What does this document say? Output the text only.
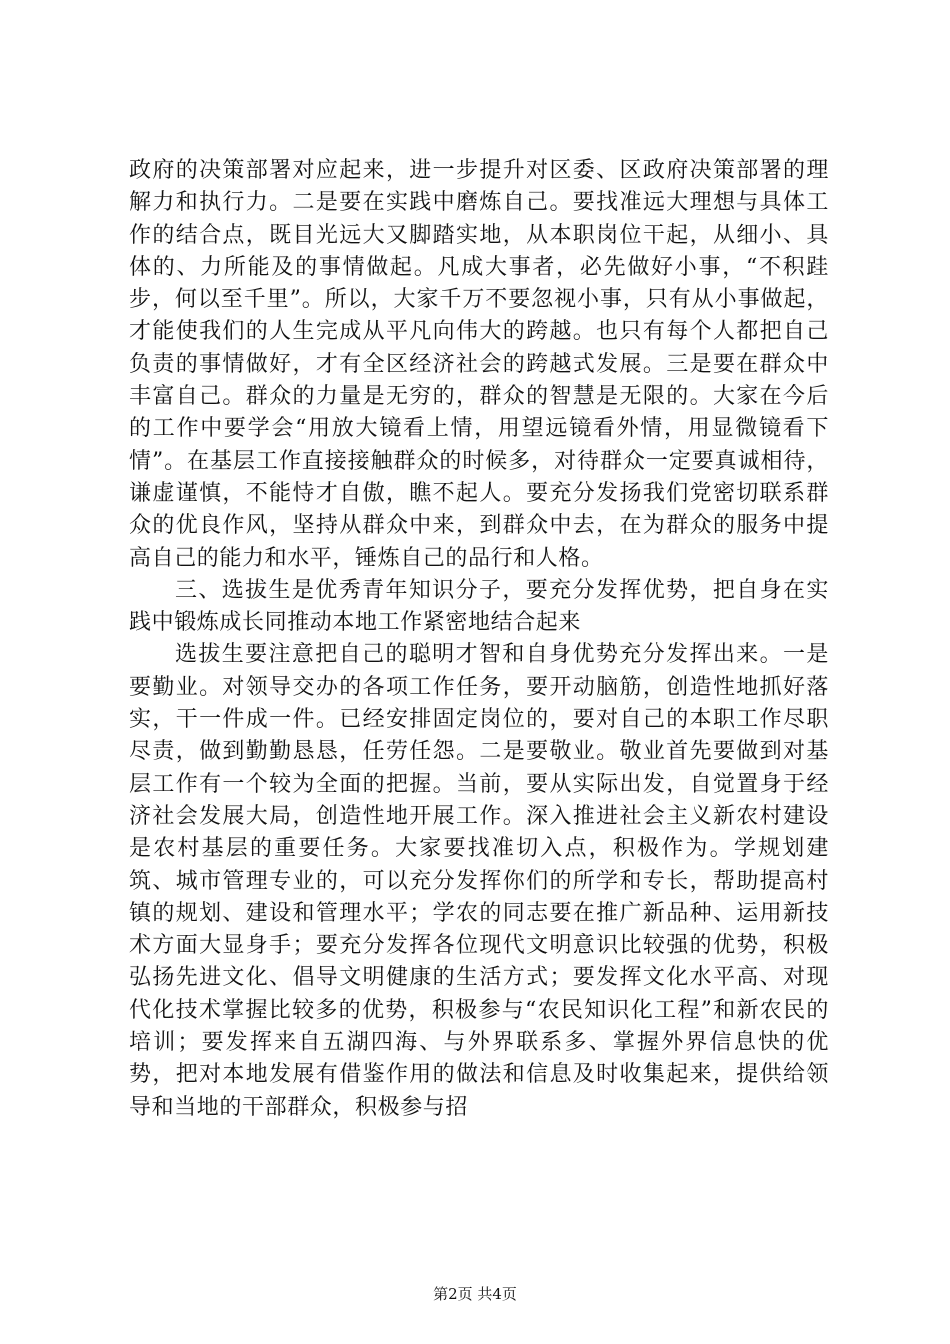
政府的决策部署对应起来，进一步提升对区委、区政府决策部署的理解力和执行力。二是要在实践中磨炼自己。要找准远大理想与具体工作的结合点，既目光远大又脚踏实地，从本职岗位干起，从细小、具体的、力所能及的事情做起。凡成大事者，必先做好小事，“不积跬步，何以至千里”。所以，大家千万不要忽视小事，只有从小事做起，才能使我们的人生完成从平凡向伟大的跨越。也只有每个人都把自己负责的事情做好，才有全区经济社会的跨越式发展。三是要在群众中丰富自己。群众的力量是无穷的，群众的智慧是无限的。大家在今后的工作中要学会“用放大镜看上情，用望远镜看外情，用显微镜看下情”。在基层工作直接接触群众的时候多，对待群众一定要真诚相待，谦虚谨慎，不能恃才自傲，瞧不起人。要充分发扬我们党密切联系群众的优良作风，坚持从群众中来，到群众中去，在为群众的服务中提高自己的能力和水平，锤炼自己的品行和人格。

三、选拔生是优秀青年知识分子，要充分发挥优势，把自身在实践中锻炼成长同推动本地工作紧密地结合起来

选拔生要注意把自己的聪明才智和自身优势充分发挥出来。一是要勤业。对领导交办的各项工作任务，要开动脑筋，创造性地抓好落实，干一件成一件。已经安排固定岗位的，要对自己的本职工作尽职尽责，做到勤勤恳恳，任劳任怨。二是要敬业。敬业首先要做到对基层工作有一个较为全面的把握。当前，要从实际出发，自觉置身于经济社会发展大局，创造性地开展工作。深入推进社会主义新农村建设是农村基层的重要任务。大家要找准切入点，积极作为。学规划建筑、城市管理专业的，可以充分发挥你们的所学和专长，帮助提高村镇的规划、建设和管理水平；学农的同志要在推广新品种、运用新技术方面大显身手；要充分发挥各位现代文明意识比较强的优势，积极弘扬先进文化、倡导文明健康的生活方式；要发挥文化水平高、对现代化技术掌握比较多的优势，积极参与“农民知识化工程”和新农民的培训；要发挥来自五湖四海、与外界联系多、掌握外界信息快的优势，把对本地发展有借鉴作用的做法和信息及时收集起来，提供给领导和当地的干部群众，积极参与招

第2页 共4页
